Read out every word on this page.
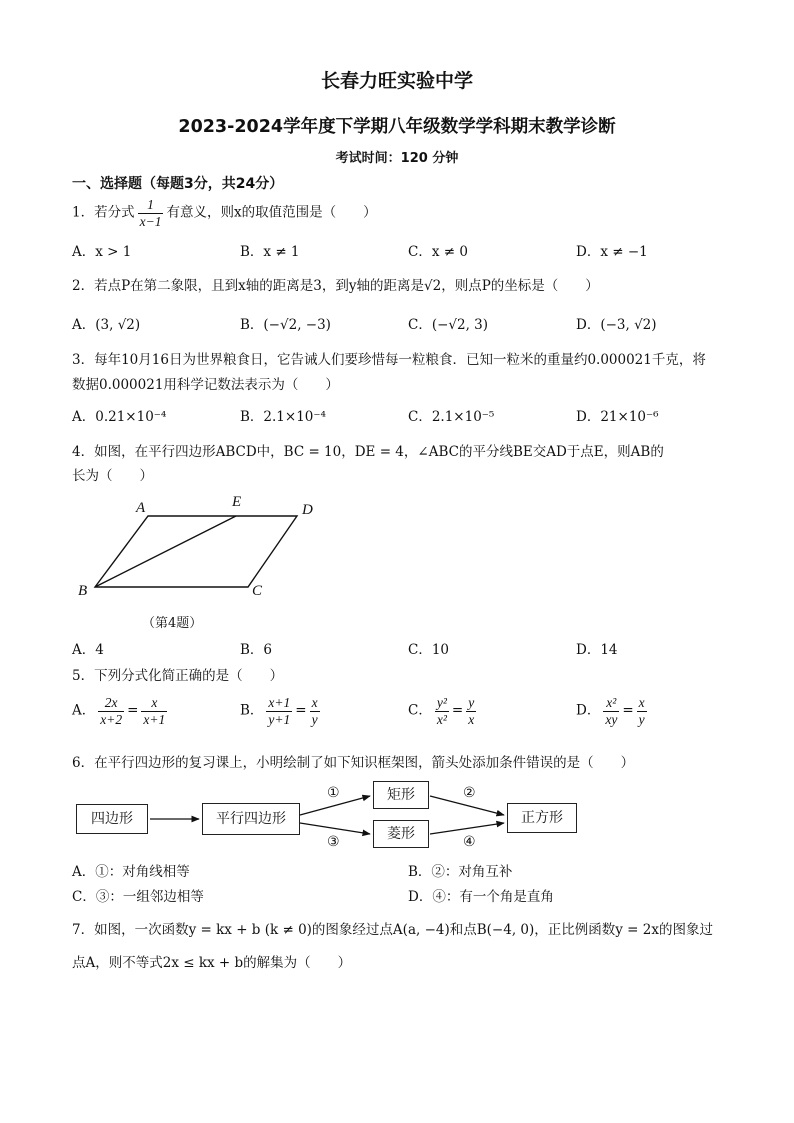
长春力旺实验中学
2023-2024学年度下学期八年级数学学科期末教学诊断
考试时间：120 分钟
一、选择题（每题3分，共24分）
1．若分式 $\frac{1}{x-1}$ 有意义，则x的取值范围是（　　）
A．x > 1	B．x ≠ 1	C．x ≠ 0	D．x ≠ −1
2．若点P在第二象限，且到x轴的距离是3，到y轴的距离是√2，则点P的坐标是（　　）
A．(3, √2)	B．(−√2, −3)	C．(−√2, 3)	D．(−3, √2)
3．每年10月16日为世界粮食日，它告诫人们要珍惜每一粒粮食．已知一粒米的重量约0.000021千克，将
数据0.000021用科学记数法表示为（　　）
A．0.21×10⁻⁴	B．2.1×10⁻⁴	C．2.1×10⁻⁵	D．21×10⁻⁶
4．如图，在平行四边形ABCD中，BC = 10，DE = 4，∠ABC的平分线BE交AD于点E，则AB的
长为（　　）
A	E	D
B	C
（第4题）
A．4	B．6	C．10	D．14
5．下列分式化简正确的是（　　）
A． $\frac{2x}{x+2} = \frac{x}{x+1}$	B． $\frac{x+1}{y+1} = \frac{x}{y}$	C． $\frac{\text{y²}}{\text{x²}} = \frac{y}{x}$	D． $\frac{\text{x²}}{xy} = \frac{x}{y}$
6．在平行四边形的复习课上，小明绘制了如下知识框架图，箭头处添加条件错误的是（　　）
四边形	平行四边形
矩形
菱形
正方形
①
③
②
④
A．①：对角线相等	B．②：对角互补
C．③：一组邻边相等	D．④：有一个角是直角
7．如图，一次函数y = kx + b (k ≠ 0)的图象经过点A(a, −4)和点B(−4, 0)，正比例函数y = 2x的图象过
点A，则不等式2x ≤ kx + b的解集为（　　）
